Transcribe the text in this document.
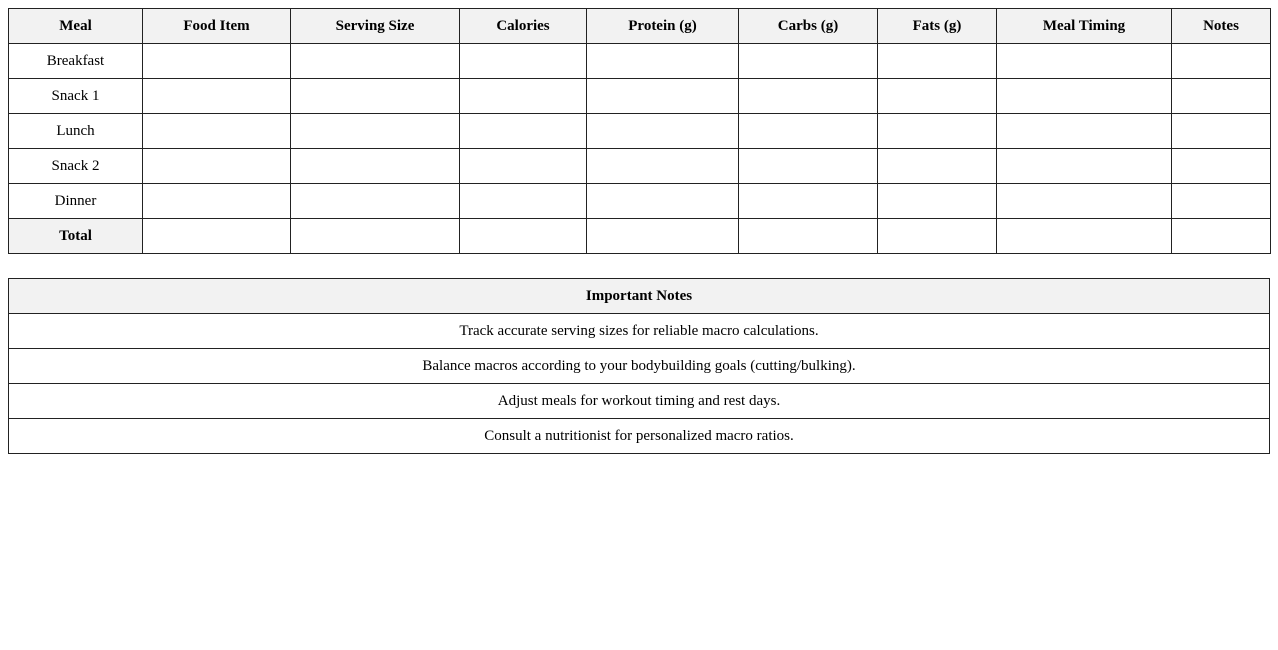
Meal	Food Item	Serving Size	Calories	Protein (g)	Carbs (g)	Fats (g)	Meal Timing	Notes
Breakfast								
Snack 1								
Lunch								
Snack 2								
Dinner								
Total								
Important Notes
Track accurate serving sizes for reliable macro calculations.
Balance macros according to your bodybuilding goals (cutting/bulking).
Adjust meals for workout timing and rest days.
Consult a nutritionist for personalized macro ratios.
